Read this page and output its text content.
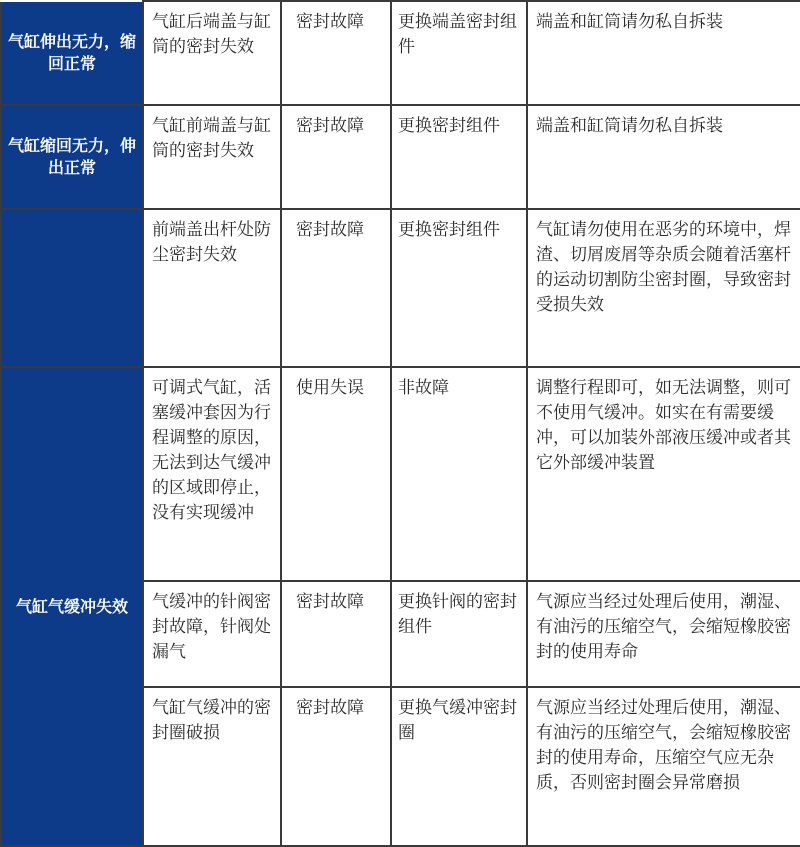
气缸伸出无力，缩回正常	气缸后端盖与缸筒的密封失效	密封故障	更换端盖密封组件	端盖和缸筒请勿私自拆装
气缸缩回无力，伸出正常	气缸前端盖与缸筒的密封失效	密封故障	更换密封组件	端盖和缸筒请勿私自拆装
	前端盖出杆处防尘密封失效	密封故障	更换密封组件	气缸请勿使用在恶劣的环境中，焊渣、切屑废屑等杂质会随着活塞杆的运动切割防尘密封圈，导致密封受损失效
气缸气缓冲失效	可调式气缸，活塞缓冲套因为行程调整的原因，无法到达气缓冲的区域即停止，没有实现缓冲	使用失误	非故障	调整行程即可，如无法调整，则可不使用气缓冲。如实在有需要缓冲，可以加装外部液压缓冲或者其它外部缓冲装置
	气缓冲的针阀密封故障，针阀处漏气	密封故障	更换针阀的密封组件	气源应当经过处理后使用，潮湿、有油污的压缩空气，会缩短橡胶密封的使用寿命
	气缸气缓冲的密封圈破损	密封故障	更换气缓冲密封圈	气源应当经过处理后使用，潮湿、有油污的压缩空气，会缩短橡胶密封的使用寿命，压缩空气应无杂质，否则密封圈会异常磨损
